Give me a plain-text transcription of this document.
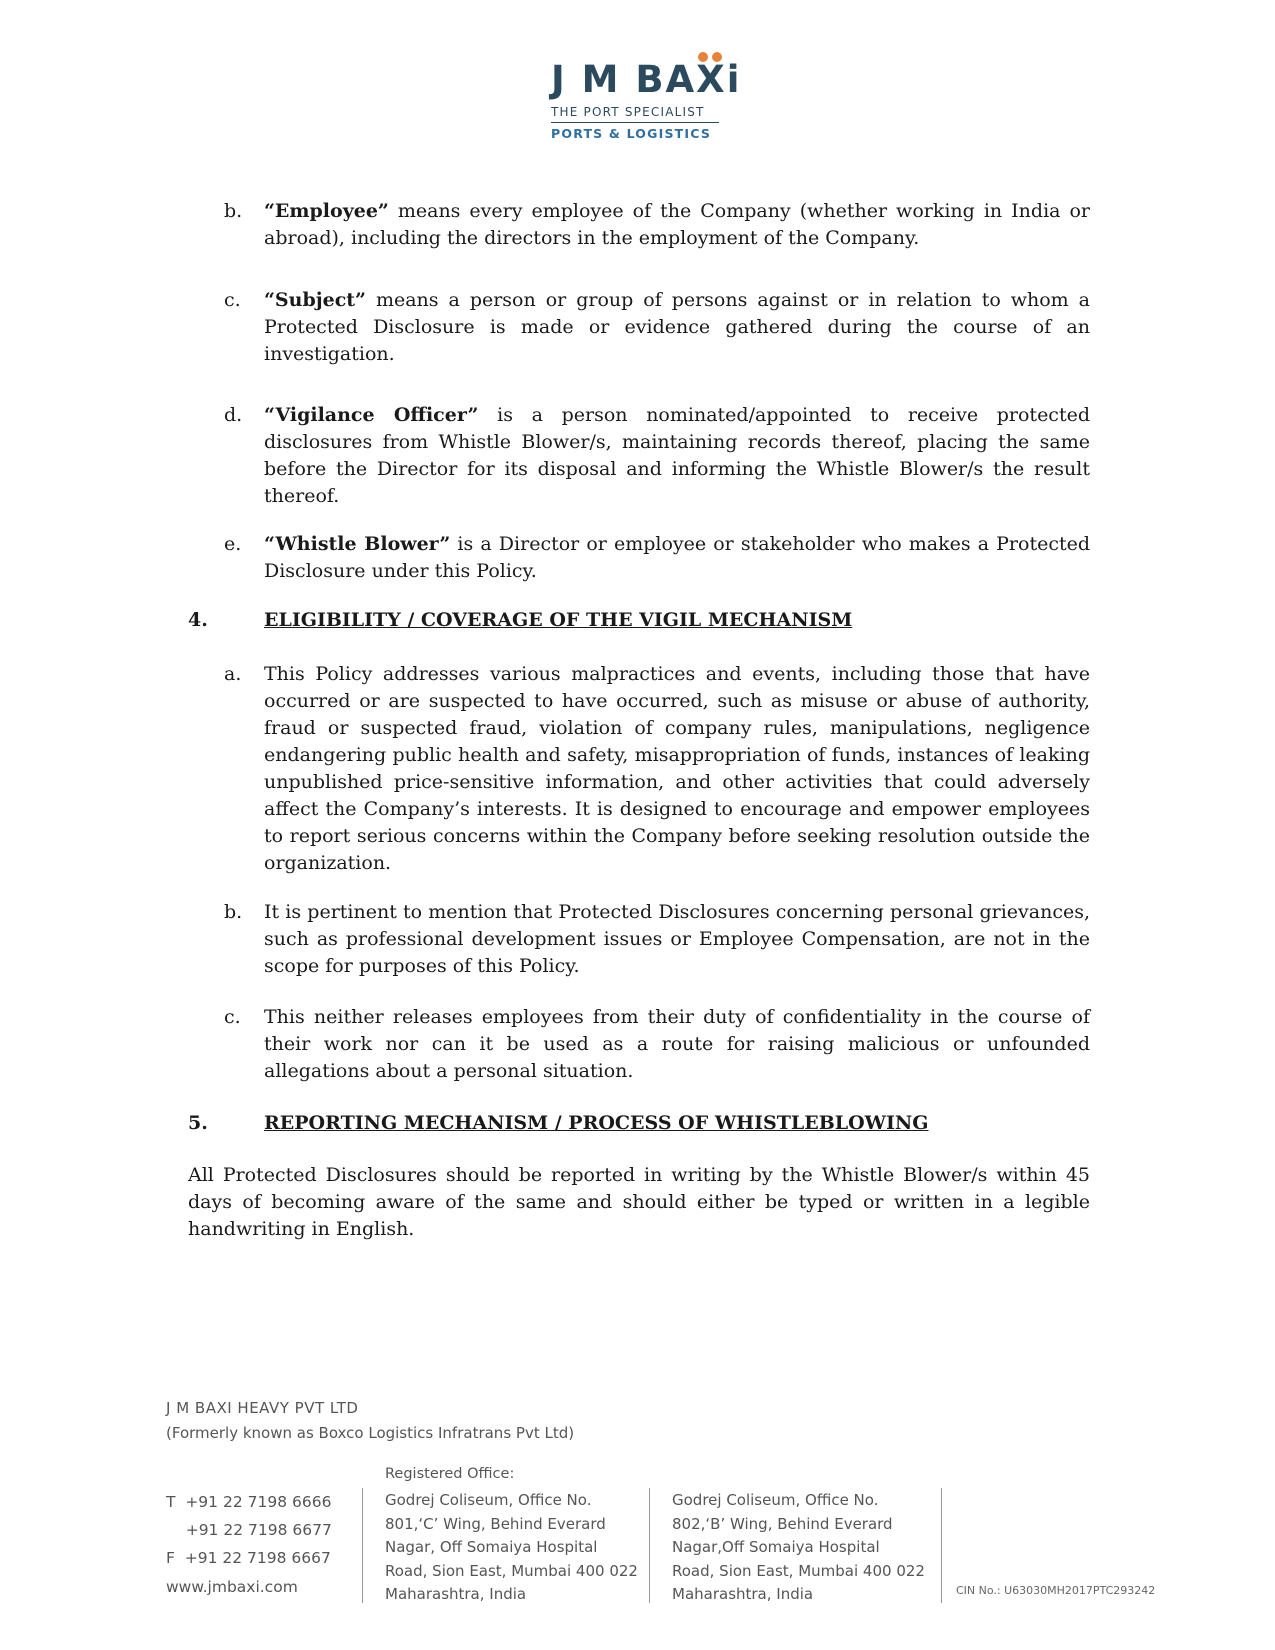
J M BAXi
THE PORT SPECIALIST
PORTS & LOGISTICS
b. “Employee” means every employee of the Company (whether working in India or abroad), including the directors in the employment of the Company.
c. “Subject” means a person or group of persons against or in relation to whom a Protected Disclosure is made or evidence gathered during the course of an investigation.
d. “Vigilance Officer” is a person nominated/appointed to receive protected disclosures from Whistle Blower/s, maintaining records thereof, placing the same before the Director for its disposal and informing the Whistle Blower/s the result thereof.
e. “Whistle Blower” is a Director or employee or stakeholder who makes a Protected Disclosure under this Policy.
4.	ELIGIBILITY / COVERAGE OF THE VIGIL MECHANISM
a. This Policy addresses various malpractices and events, including those that have occurred or are suspected to have occurred, such as misuse or abuse of authority, fraud or suspected fraud, violation of company rules, manipulations, negligence endangering public health and safety, misappropriation of funds, instances of leaking unpublished price-sensitive information, and other activities that could adversely affect the Company’s interests. It is designed to encourage and empower employees to report serious concerns within the Company before seeking resolution outside the organization.
b. It is pertinent to mention that Protected Disclosures concerning personal grievances, such as professional development issues or Employee Compensation, are not in the scope for purposes of this Policy.
c. This neither releases employees from their duty of confidentiality in the course of their work nor can it be used as a route for raising malicious or unfounded allegations about a personal situation.
5.	REPORTING MECHANISM / PROCESS OF WHISTLEBLOWING
All Protected Disclosures should be reported in writing by the Whistle Blower/s within 45 days of becoming aware of the same and should either be typed or written in a legible handwriting in English.
J M BAXI HEAVY PVT LTD
(Formerly known as Boxco Logistics Infratrans Pvt Ltd)
T  +91 22 7198 6666
+91 22 7198 6677
F  +91 22 7198 6667
www.jmbaxi.com
Registered Office:
Godrej Coliseum, Office No.
801,‘C’ Wing, Behind Everard
Nagar, Off Somaiya Hospital
Road, Sion East, Mumbai 400 022
Maharashtra, India
Godrej Coliseum, Office No.
802,‘B’ Wing, Behind Everard
Nagar,Off Somaiya Hospital
Road, Sion East, Mumbai 400 022
Maharashtra, India	CIN No.: U63030MH2017PTC293242
